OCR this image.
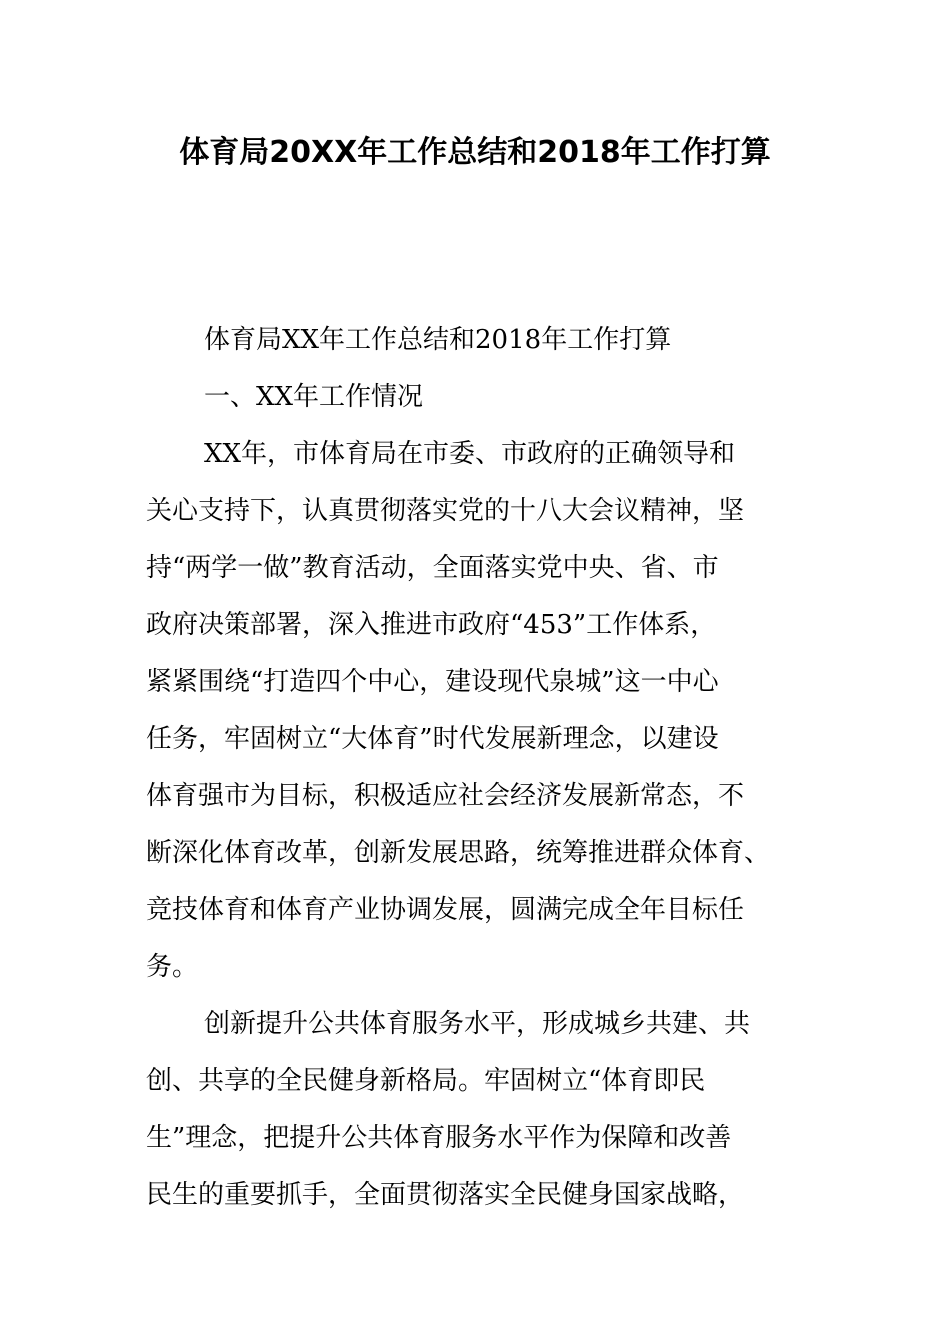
体育局20XX年工作总结和2018年工作打算

体育局XX年工作总结和2018年工作打算

一、XX年工作情况

XX年，市体育局在市委、市政府的正确领导和
关心支持下，认真贯彻落实党的十八大会议精神，坚
持“两学一做”教育活动，全面落实党中央、省、市
政府决策部署，深入推进市政府“453”工作体系，
紧紧围绕“打造四个中心，建设现代泉城”这一中心
任务，牢固树立“大体育”时代发展新理念，以建设
体育强市为目标，积极适应社会经济发展新常态，不
断深化体育改革，创新发展思路，统筹推进群众体育、
竞技体育和体育产业协调发展，圆满完成全年目标任
务。

创新提升公共体育服务水平，形成城乡共建、共
创、共享的全民健身新格局。牢固树立“体育即民
生”理念，把提升公共体育服务水平作为保障和改善
民生的重要抓手，全面贯彻落实全民健身国家战略，
